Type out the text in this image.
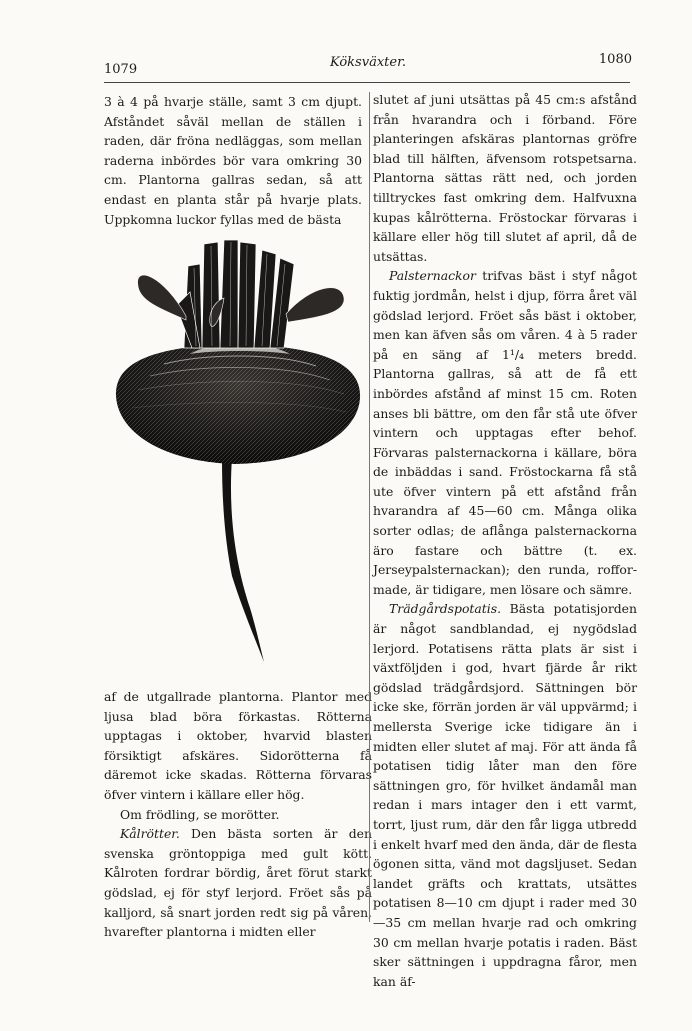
1079	Köksväxter.	1080

3 à 4 på hvarje ställe, samt 3 cm djupt. Afståndet såväl mellan de ställen i raden, där fröna nedläggas, som mellan raderna inbördes bör vara omkring 30 cm. Plantorna gallras sedan, så att endast en planta står på hvarje plats. Uppkomna luckor fyllas med de bästa

af de utgallrade plantorna. Plantor med ljusa blad böra förkastas. Rötterna upptagas i oktober, hvarvid blasten försiktigt afskäres. Sidorötterna få däremot icke skadas. Rötterna förvaras öfver vintern i källare eller hög.

Om frödling, se morötter.

Kålrötter. Den bästa sorten är den svenska gröntoppiga med gult kött. Kålroten fordrar bördig, året förut starkt gödslad, ej för styf lerjord. Fröet sås på kalljord, så snart jorden redt sig på våren, hvarefter plantorna i midten eller

slutet af juni utsättas på 45 cm:s afstånd från hvarandra och i förband. Före planteringen afskäras plantornas gröfre blad till hälften, äfvensom rotspetsarna. Plantorna sättas rätt ned, och jorden tilltryckes fast omkring dem. Halfvuxna kupas kålrötterna. Fröstockar förvaras i källare eller hög till slutet af april, då de utsättas.

Palsternackor trifvas bäst i styf något fuktig jordmån, helst i djup, förra året väl gödslad lerjord. Fröet sås bäst i oktober, men kan äfven sås om våren. 4 à 5 rader på en säng af 1¹/₄ meters bredd. Plantorna gallras, så att de få ett inbördes afstånd af minst 15 cm. Roten anses bli bättre, om den får stå ute öfver vintern och upptagas efter behof. Förvaras palsternackorna i källare, böra de inbäddas i sand. Fröstockarna få stå ute öfver vintern på ett afstånd från hvarandra af 45—60 cm. Många olika sorter odlas; de aflånga palsternackorna äro fastare och bättre (t. ex. Jerseypalsternackan); den runda, roffor-made, är tidigare, men lösare och sämre.

Trädgårdspotatis. Bästa potatisjorden är något sandblandad, ej nygödslad lerjord. Potatisens rätta plats är sist i växtföljden i god, hvart fjärde år rikt gödslad trädgårdsjord. Sättningen bör icke ske, förrän jorden är väl uppvärmd; i mellersta Sverige icke tidigare än i midten eller slutet af maj. För att ända få potatisen tidig låter man den före sättningen gro, för hvilket ändamål man redan i mars intager den i ett varmt, torrt, ljust rum, där den får ligga utbredd i enkelt hvarf med den ända, där de flesta ögonen sitta, vänd mot dagsljuset. Sedan landet gräfts och krattats, utsättes potatisen 8—10 cm djupt i rader med 30—35 cm mellan hvarje rad och omkring 30 cm mellan hvarje potatis i raden. Bäst sker sättningen i uppdragna fåror, men kan äf-
